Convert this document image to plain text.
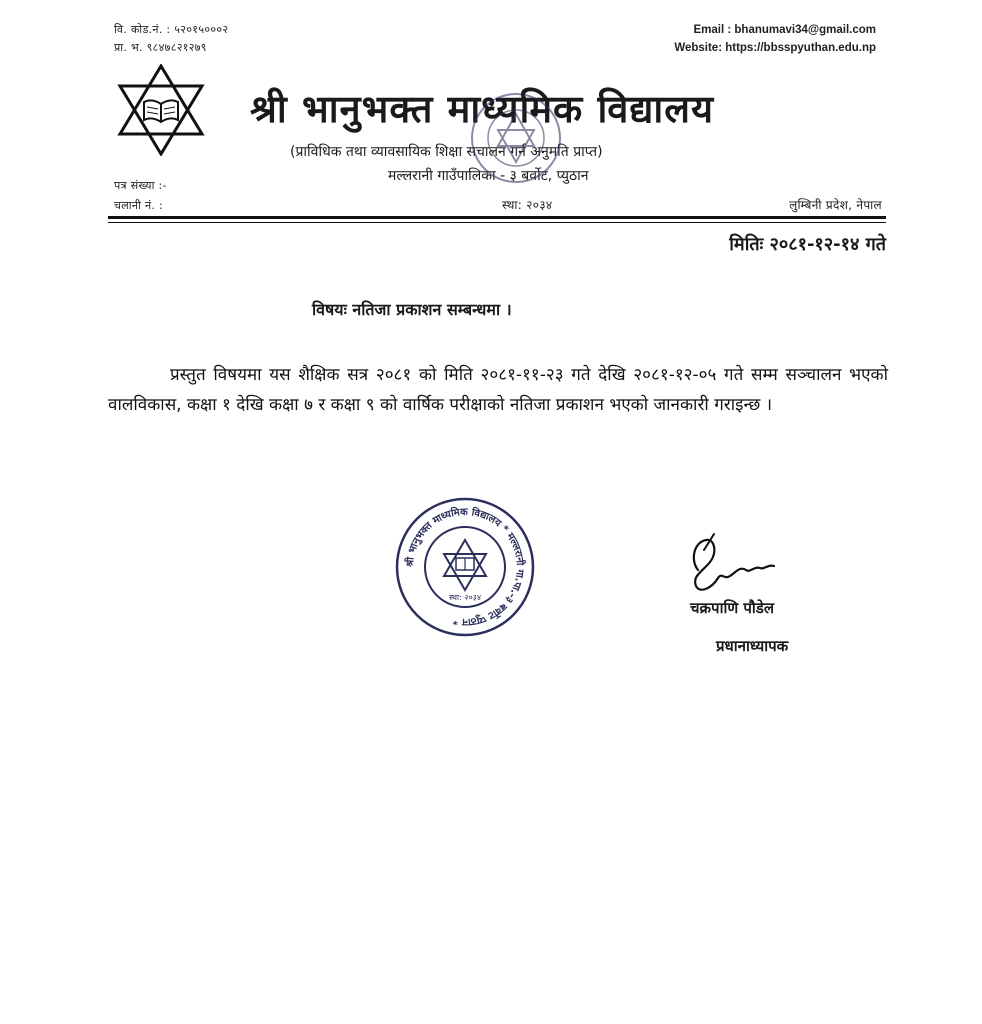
वि. कोड.नं. : ५२०१५०००२

प्रा. भ. ९८४७८२१२७९

Email : bhanumavi34@gmail.com

Website: https://bbsspyuthan.edu.np

श्री भानुभक्त माध्यमिक विद्यालय

(प्राविधिक तथा व्यावसायिक शिक्षा सचालन गर्न अनुमति प्राप्त)

मल्लरानी गाउँपालिका - ३ बर्वोट, प्युठान

पत्र संख्या :-

चलानी नं. :	स्था: २०३४	लुम्बिनी प्रदेश, नेपाल

मितिः २०८१-१२-१४ गते

विषयः नतिजा प्रकाशन सम्बन्धमा ।

प्रस्तुत विषयमा यस शैक्षिक सत्र २०८१ को मिति २०८१-११-२३ गते देखि २०८१-१२-०५ गते सम्म सञ्चालन भएको वालविकास, कक्षा १ देखि कक्षा ७ र कक्षा ९ को वार्षिक परीक्षाको नतिजा प्रकाशन भएको जानकारी गराइन्छ ।

श्री भानुभक्त माध्यमिक विद्यालय * मल्लरानी गा.पा.-३ बर्वोट प्युठान *
स्था: २०३४

चक्रपाणि पौडेल

प्रधानाध्यापक
